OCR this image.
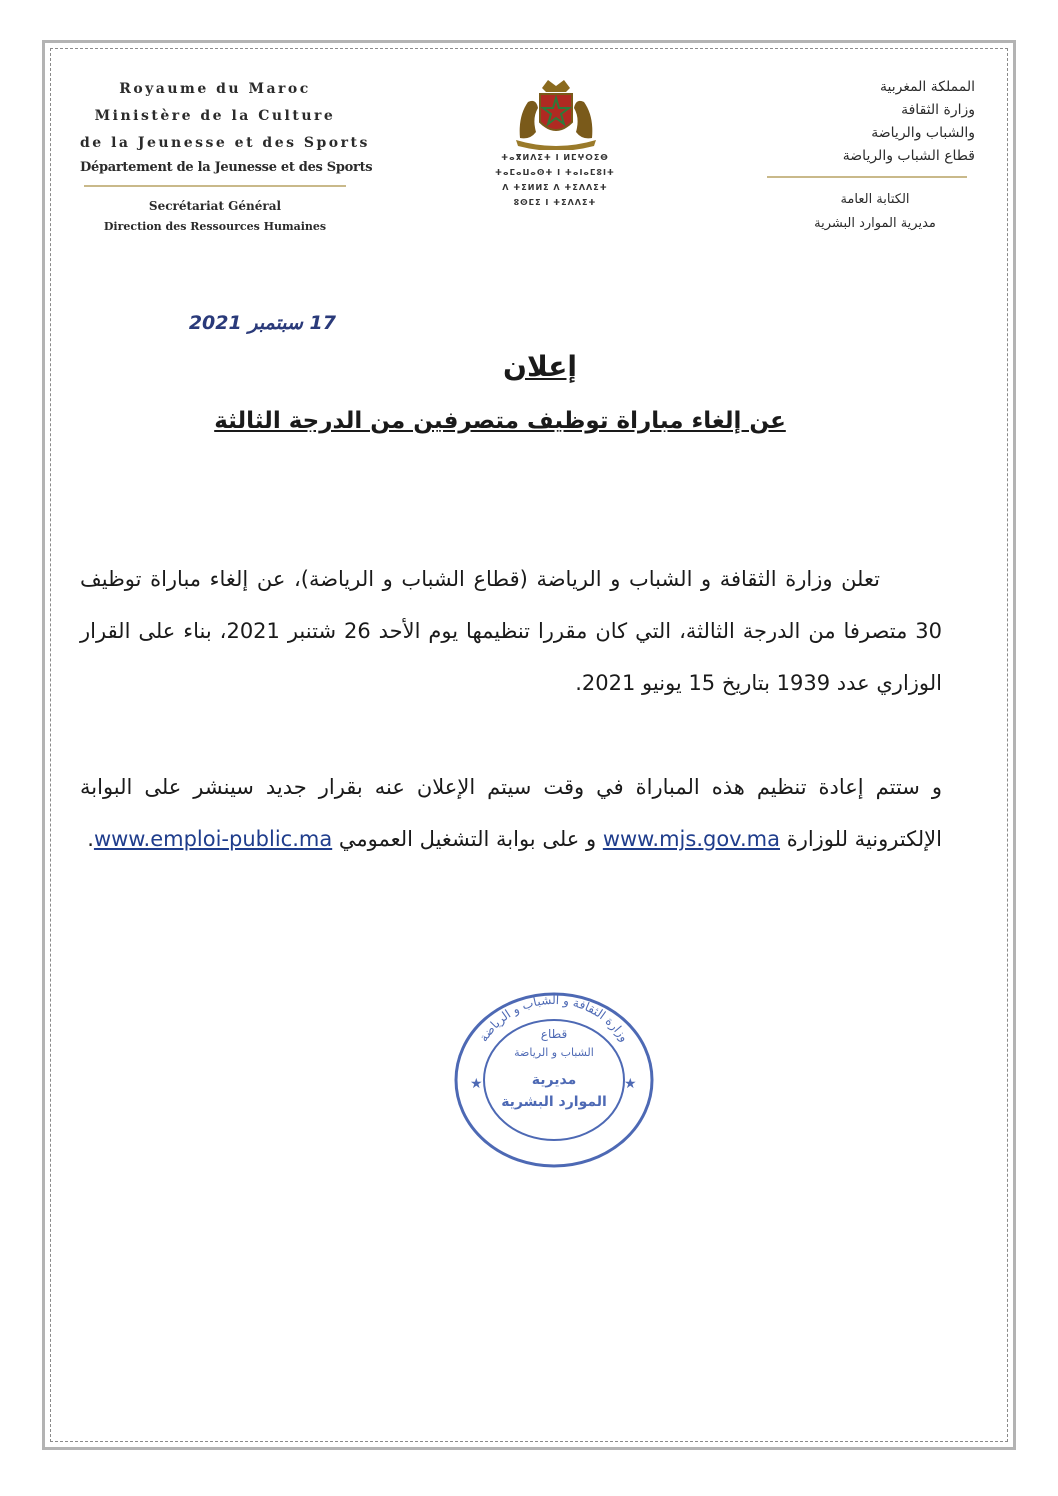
Royaume du Maroc
Ministère de la Culture
de la Jeunesse et des Sports
Département de la Jeunesse et des Sports
Secrétariat Général
Direction des Ressources Humaines
ⵜⴰⴳⵍⴷⵉⵜ ⵏ ⵍⵎⵖⵔⵉⴱ
ⵜⴰⵎⴰⵡⴰⵙⵜ ⵏ ⵜⴰⵏⴰⵎⵓⵏⵜ
ⴷ ⵜⵉⵍⵍⵉ ⴷ ⵜⵉⴷⴷⵉⵜ
ⵓⵙⵎⵉ ⵏ ⵜⵉⴷⴷⵉⵜ
المملكة المغربية
وزارة الثقافة
والشباب والرياضة
قطاع الشباب والرياضة
الكتابة العامة
مديرية الموارد البشرية
17 سبتمبر 2021
إعلان
عن إلغاء مباراة توظيف متصرفين من الدرجة الثالثة

تعلن وزارة الثقافة و الشباب و الرياضة (قطاع الشباب و الرياضة)، عن إلغاء مباراة توظيف 30 متصرفا من الدرجة الثالثة، التي كان مقررا تنظيمها يوم الأحد 26 شتنبر 2021، بناء على القرار الوزاري عدد 1939 بتاريخ 15 يونيو 2021.

و ستتم إعادة تنظيم هذه المباراة في وقت سيتم الإعلان عنه بقرار جديد سينشر على البوابة الإلكترونية للوزارة www.mjs.gov.ma و على بوابة التشغيل العمومي www.emploi-public.ma.

وزارة الثقافة و الشباب و الرياضة
★	★
قطاع
الشباب و الرياضة
مديرية
الموارد البشرية
